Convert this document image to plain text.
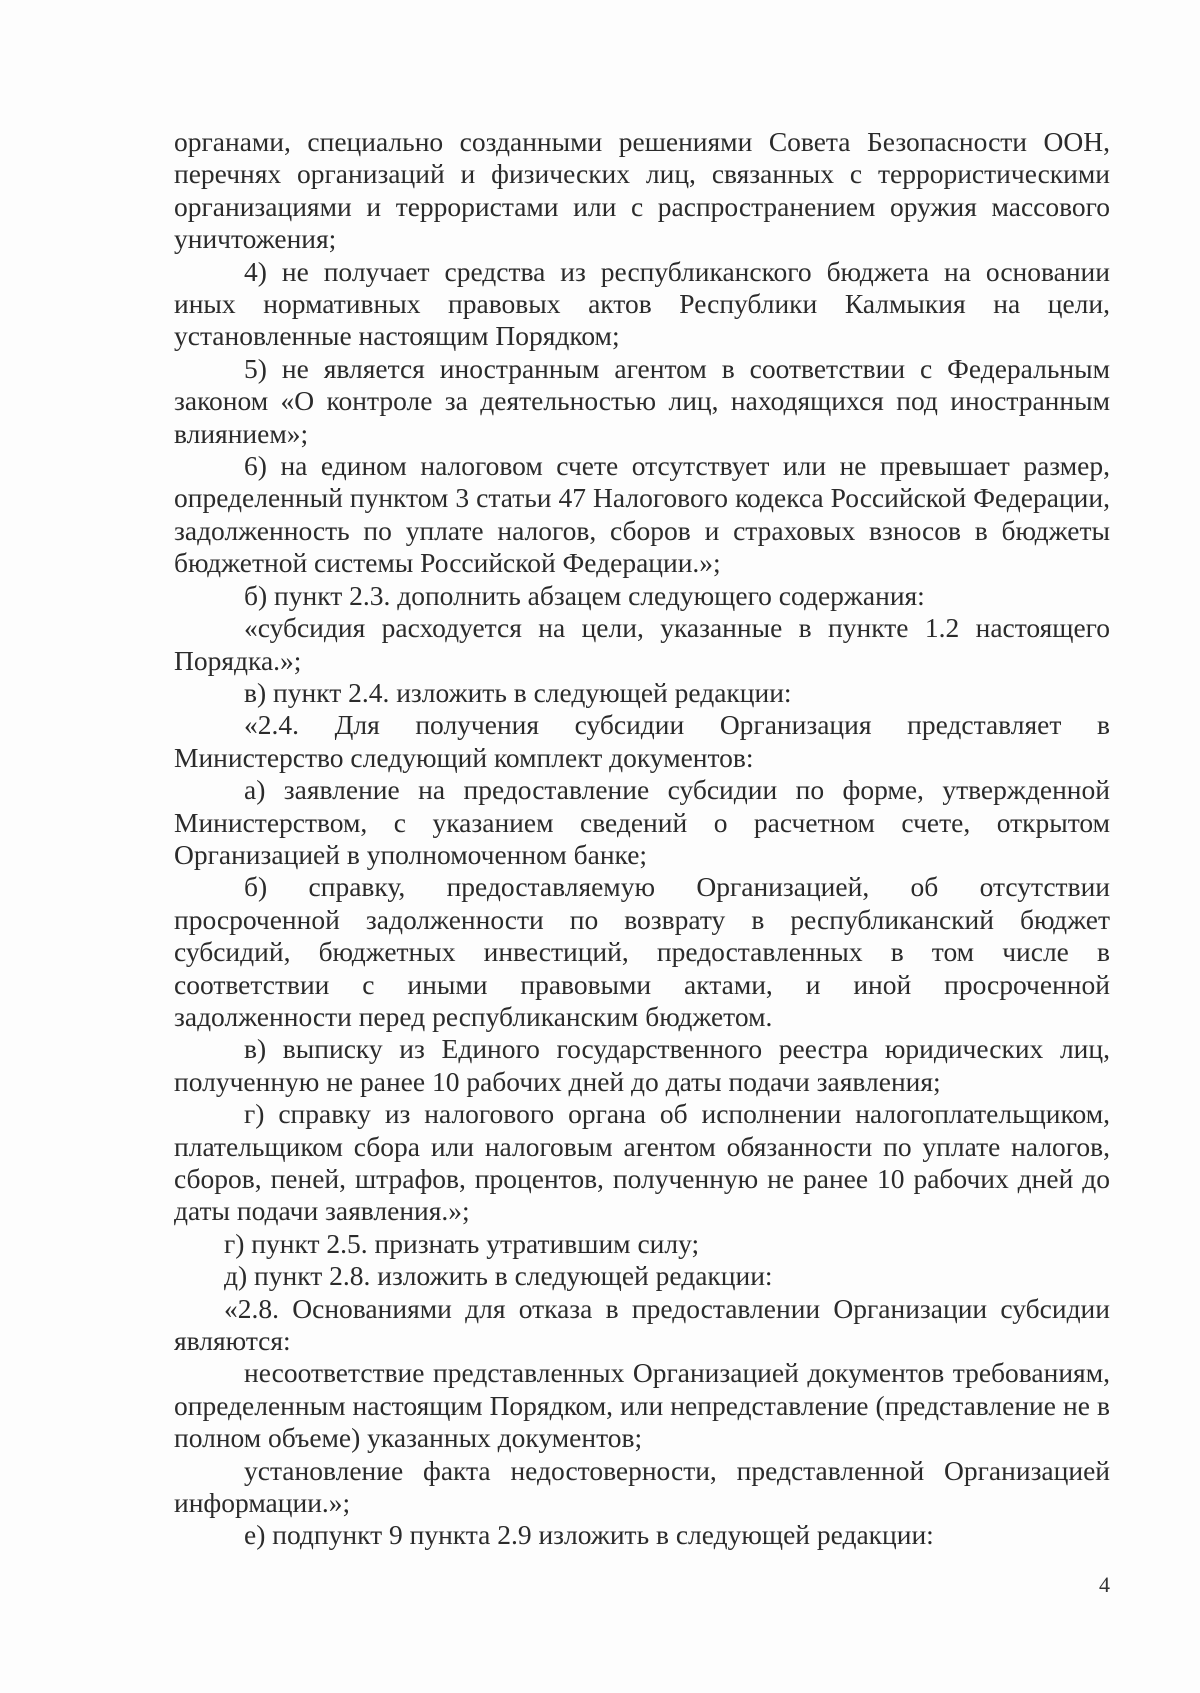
органами, специально созданными решениями Совета Безопасности ООН, перечнях организаций и физических лиц, связанных с террористическими организациями и террористами или с распространением оружия массового уничтожения;

4) не получает средства из республиканского бюджета на основании иных нормативных правовых актов Республики Калмыкия на цели, установленные настоящим Порядком;

5) не является иностранным агентом в соответствии с Федеральным законом «О контроле за деятельностью лиц, находящихся под иностранным влиянием»;

6) на едином налоговом счете отсутствует или не превышает размер, определенный пунктом 3 статьи 47 Налогового кодекса Российской Федерации, задолженность по уплате налогов, сборов и страховых взносов в бюджеты бюджетной системы Российской Федерации.»;

б) пункт 2.3. дополнить абзацем следующего содержания:

«субсидия расходуется на цели, указанные в пункте 1.2 настоящего Порядка.»;

в) пункт 2.4. изложить в следующей редакции:

«2.4. Для получения субсидии Организация представляет в Министерство следующий комплект документов:

а) заявление на предоставление субсидии по форме, утвержденной Министерством, с указанием сведений о расчетном счете, открытом Организацией в уполномоченном банке;

б) справку, предоставляемую Организацией, об отсутствии просроченной задолженности по возврату в республиканский бюджет субсидий, бюджетных инвестиций, предоставленных в том числе в соответствии с иными правовыми актами, и иной просроченной задолженности перед республиканским бюджетом.

в) выписку из Единого государственного реестра юридических лиц, полученную не ранее 10 рабочих дней до даты подачи заявления;

г) справку из налогового органа об исполнении налогоплательщиком, плательщиком сбора или налоговым агентом обязанности по уплате налогов, сборов, пеней, штрафов, процентов, полученную не ранее 10 рабочих дней до даты подачи заявления.»;

г) пункт 2.5. признать утратившим силу;

д) пункт 2.8. изложить в следующей редакции:

«2.8. Основаниями для отказа в предоставлении Организации субсидии являются:

несоответствие представленных Организацией документов требованиям, определенным настоящим Порядком, или непредставление (представление не в полном объеме) указанных документов;

установление факта недостоверности, представленной Организацией информации.»;

е) подпункт 9 пункта 2.9 изложить в следующей редакции:

4
